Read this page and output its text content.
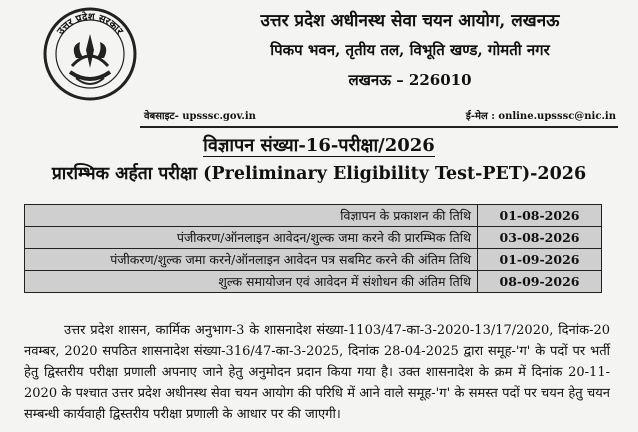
उत्तर प्रदेश सरकार
उत्तर प्रदेश अधीनस्थ सेवा चयन आयोग, लखनऊ
पिकप भवन, तृतीय तल, विभूति खण्ड, गोमती नगर
लखनऊ – 226010
वेबसाइट- upsssc.gov.in	ई-मेल : online.upsssc@nic.in
विज्ञापन संख्या-16-परीक्षा/2026
प्रारम्भिक अर्हता परीक्षा (Preliminary Eligibility Test-PET)-2026
विज्ञापन के प्रकाशन की तिथि	01-08-2026
पंजीकरण/ऑनलाइन आवेदन/शुल्क जमा करने की प्रारम्भिक तिथि	03-08-2026
पंजीकरण/शुल्क जमा करने/ऑनलाइन आवेदन पत्र सबमिट करने की अंतिम तिथि	01-09-2026
शुल्क समायोजन एवं आवेदन में संशोधन की अंतिम तिथि	08-09-2026
उत्तर प्रदेश शासन, कार्मिक अनुभाग-3 के शासनादेश संख्या-1103/47-का-3-2020-13/17/2020, दिनांक-20 नवम्बर, 2020 सपठित शासनादेश संख्या-316/47-का-3-2025, दिनांक 28-04-2025 द्वारा समूह-'ग' के पदों पर भर्ती हेतु द्विस्तरीय परीक्षा प्रणाली अपनाए जाने हेतु अनुमोदन प्रदान किया गया है। उक्त शासनादेश के क्रम में दिनांक 20-11-2020 के पश्चात उत्तर प्रदेश अधीनस्थ सेवा चयन आयोग की परिधि में आने वाले समूह-'ग' के समस्त पदों पर चयन हेतु चयन सम्बन्धी कार्यवाही द्विस्तरीय परीक्षा प्रणाली के आधार पर की जाएगी।
